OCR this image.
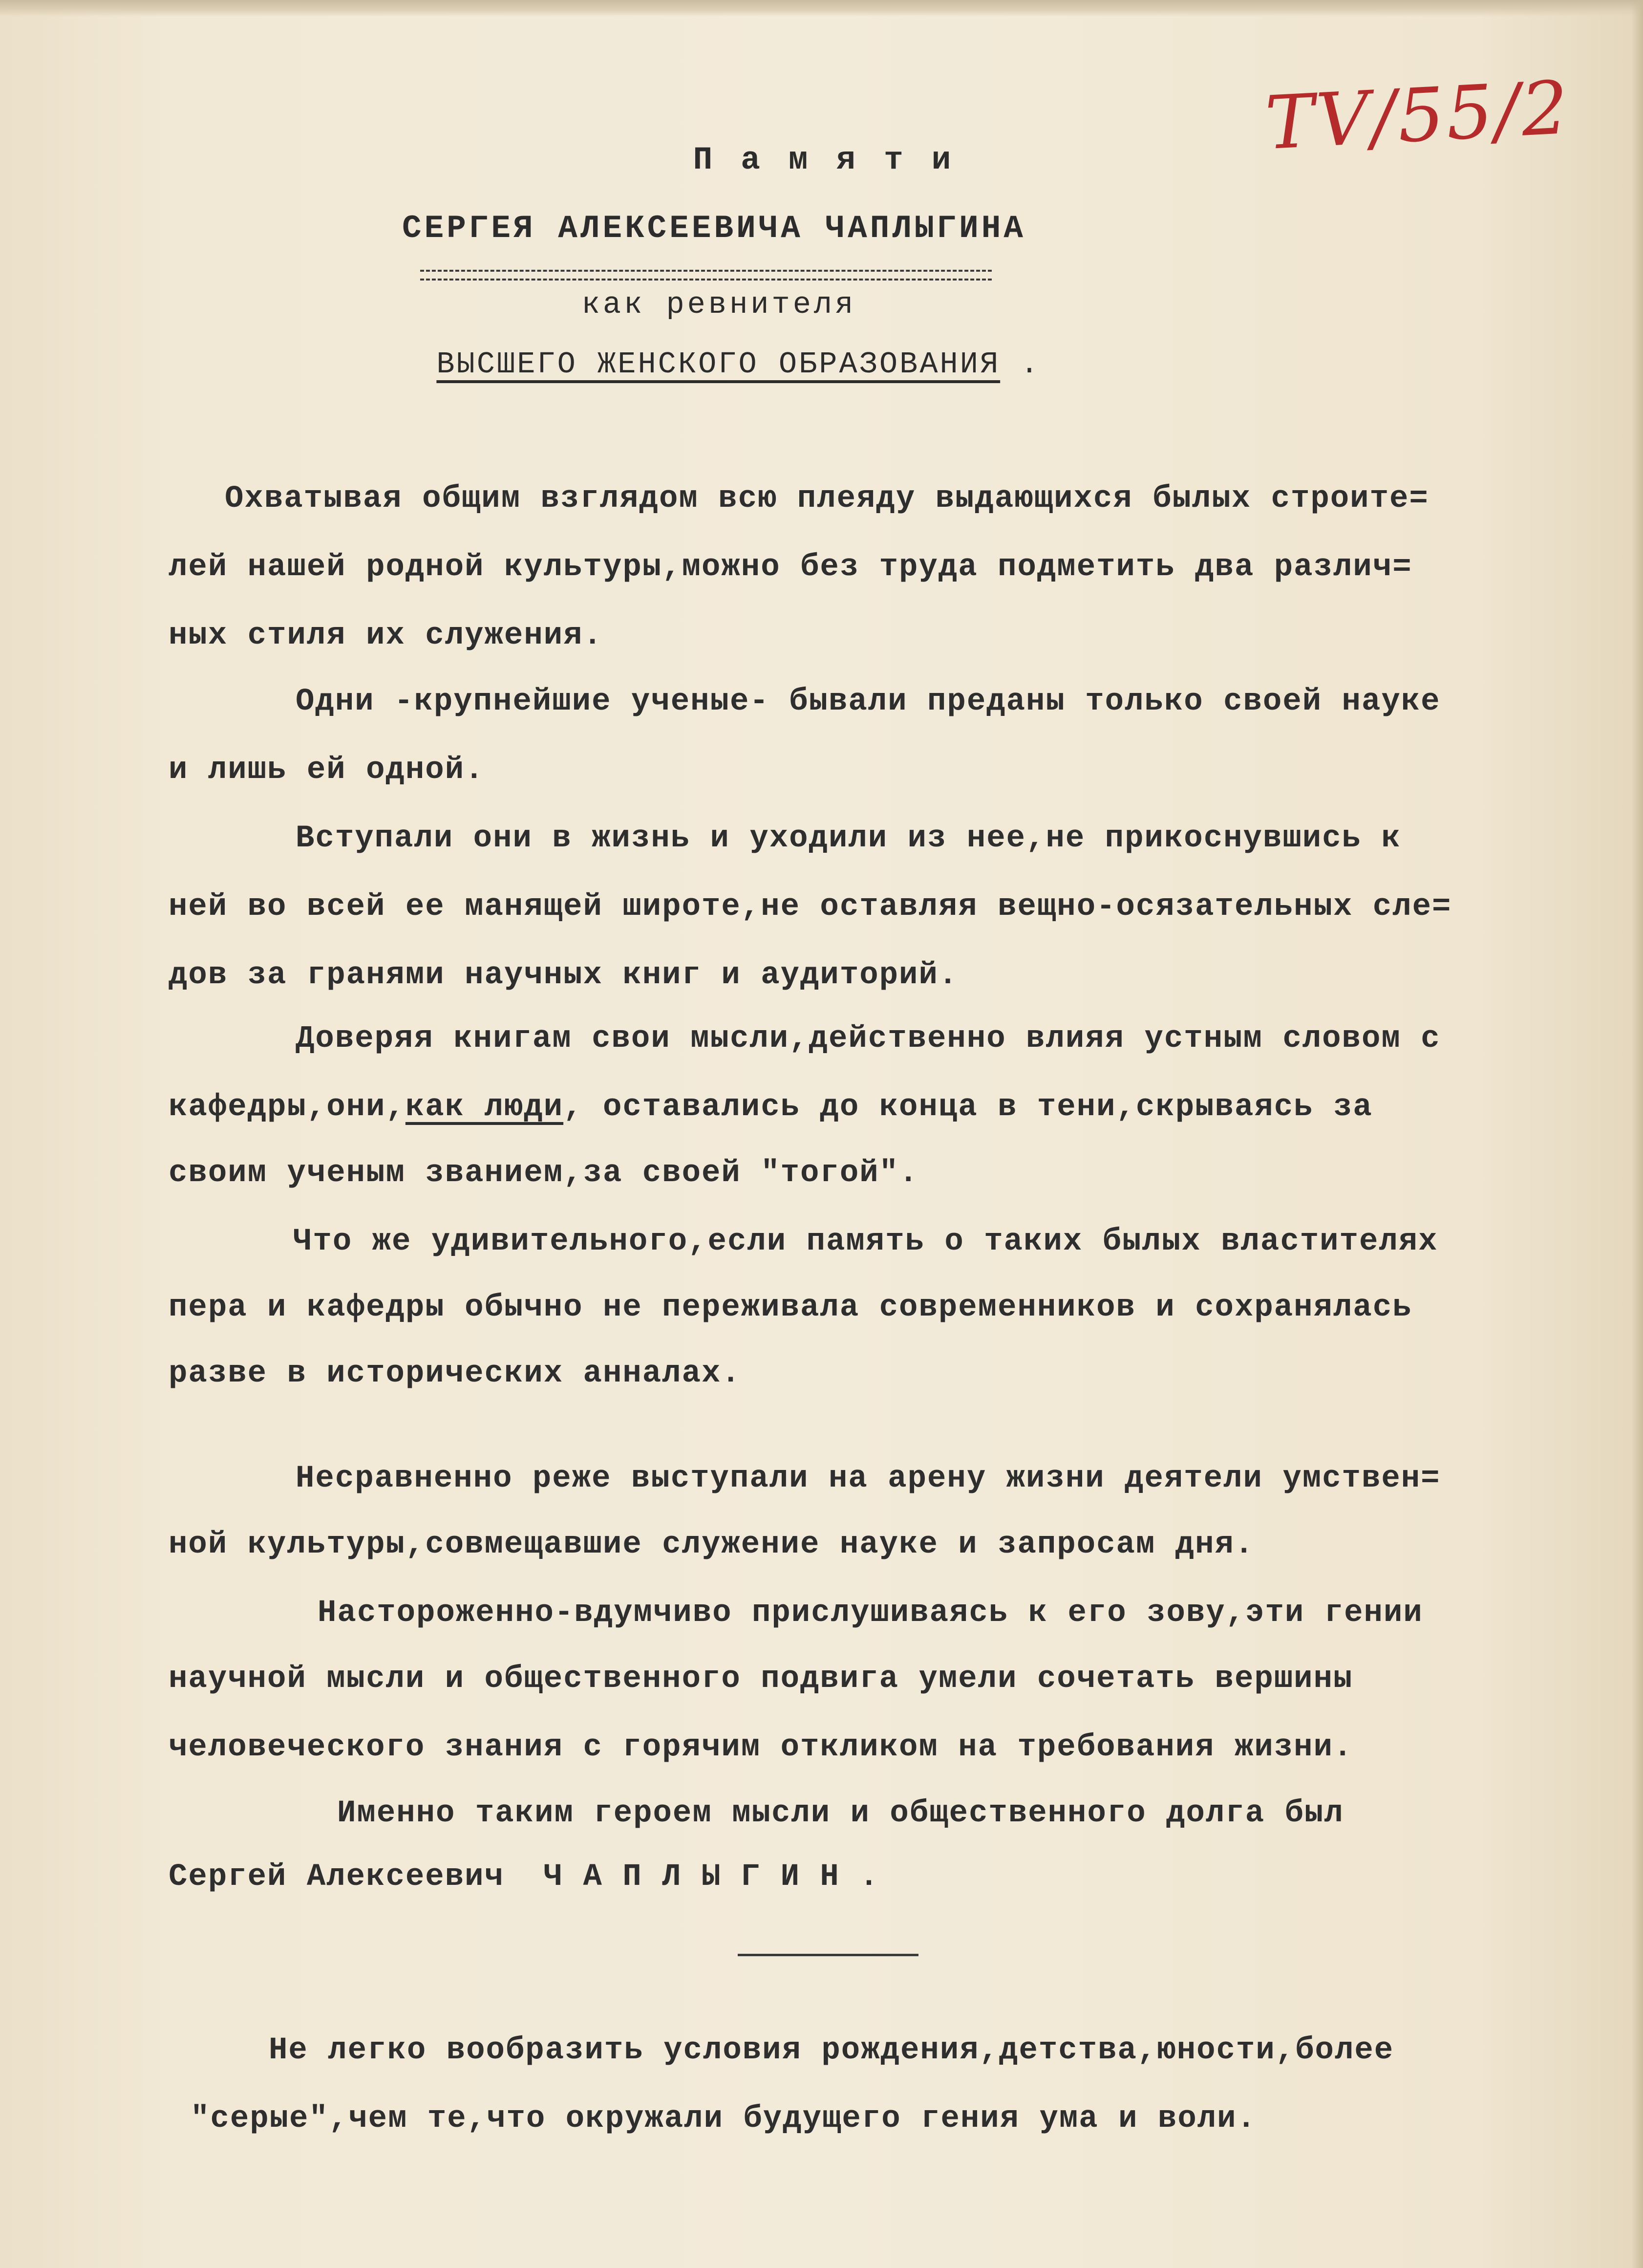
TV/55/2
Памяти
СЕРГЕЯ АЛЕКСЕЕВИЧА ЧАПЛЫГИНА
как ревнителя
ВЫСШЕГО ЖЕНСКОГО ОБРАЗОВАНИЯ .
Охватывая общим взглядом всю плеяду выдающихся былых строите=
лей нашей родной культуры,можно без труда подметить два различ=
ных стиля их служения.
Одни -крупнейшие ученые- бывали преданы только своей науке
и лишь ей одной.
Вступали они в жизнь и уходили из нее,не прикоснувшись к
ней во всей ее манящей широте,не оставляя вещно-осязательных сле=
дов за гранями научных книг и аудиторий.
Доверяя книгам свои мысли,действенно влияя устным словом с
кафедры,они,как люди, оставались до конца в тени,скрываясь за
своим ученым званием,за своей "тогой".
Что же удивительного,если память о таких былых властителях
пера и кафедры обычно не переживала современников и сохранялась
разве в исторических анналах.
Несравненно реже выступали на арену жизни деятели умствен=
ной культуры,совмещавшие служение науке и запросам дня.
Настороженно-вдумчиво прислушиваясь к его зову,эти гении
научной мысли и общественного подвига умели сочетать вершины
человеческого знания с горячим откликом на требования жизни.
Именно таким героем мысли и общественного долга был
Сергей Алексеевич  Ч А П Л Ы Г И Н .
Не легко вообразить условия рождения,детства,юности,более
"серые",чем те,что окружали будущего гения ума и воли.
